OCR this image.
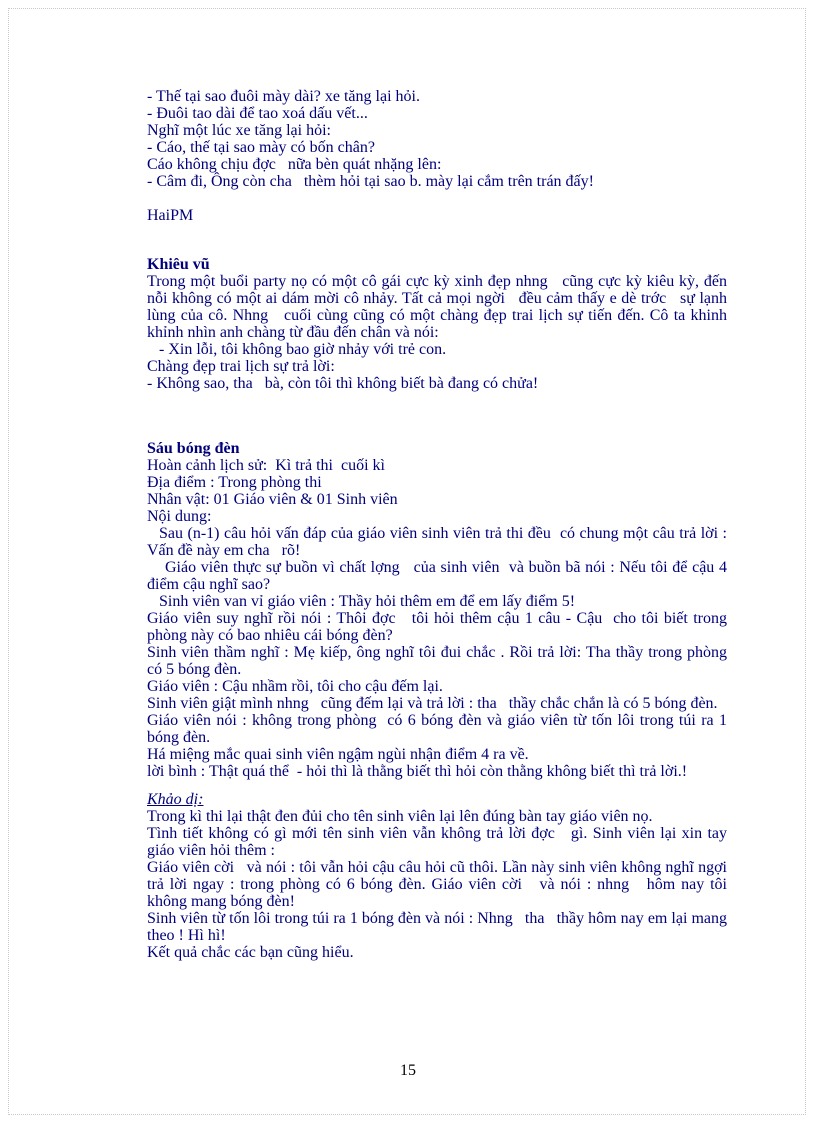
- Thế tại sao đuôi mày dài? xe tăng lại hỏi.

- Đuôi tao dài để tao xoá dấu vết...

Nghĩ một lúc xe tăng lại hỏi:

- Cáo, thế tại sao mày có bốn chân?

Cáo không chịu đợc   nữa bèn quát nhặng lên:

- Câm đi, Ông còn cha   thèm hỏi tại sao b. mày lại cắm trên trán đấy!

HaiPM

Khiêu vũ

Trong một buổi party nọ có một cô gái cực kỳ xinh đẹp nhng   cũng cực kỳ kiêu kỳ, đến nỗi không có một ai dám mời cô nhảy. Tất cả mọi ngời   đều cảm thấy e dè trớc   sự lạnh lùng của cô. Nhng   cuối cùng cũng có một chàng đẹp trai lịch sự tiến đến. Cô ta khinh khỉnh nhìn anh chàng từ đầu đến chân và nói:

- Xin lỗi, tôi không bao giờ nhảy với trẻ con.

Chàng đẹp trai lịch sự trả lời:

- Không sao, tha   bà, còn tôi thì không biết bà đang có chửa!

Sáu bóng đèn

Hoàn cảnh lịch sử:  Kì trả thi  cuối kì

Địa điểm : Trong phòng thi

Nhân vật: 01 Giáo viên & 01 Sinh viên

Nội dung:

Sau (n-1) câu hỏi vấn đáp của giáo viên sinh viên trả thi đều  có chung một câu trả lời :  Vấn đề này em cha   rõ!

Giáo viên thực sự buồn vì chất lợng   của sinh viên  và buồn bã nói : Nếu tôi để cậu 4 điểm cậu nghĩ sao?

Sinh viên van vỉ giáo viên : Thầy hỏi thêm em để em lấy điểm 5!

Giáo viên suy nghĩ rồi nói : Thôi đợc   tôi hỏi thêm cậu 1 câu - Cậu  cho tôi biết trong phòng này có bao nhiêu cái bóng đèn?

Sinh viên thầm nghĩ : Mẹ kiếp, ông nghĩ tôi đui chắc . Rồi trả lời: Tha thầy trong phòng có 5 bóng đèn.

Giáo viên : Cậu nhầm rồi, tôi cho cậu đếm lại.

Sinh viên giật mình nhng   cũng đếm lại và trả lời : tha   thầy chắc chắn là có 5 bóng đèn.

Giáo viên nói : không trong phòng  có 6 bóng đèn và giáo viên từ tốn lôi trong túi ra 1 bóng đèn.

Há miệng mắc quai sinh viên ngậm ngùi nhận điểm 4 ra về.

lời bình : Thật quá thể  - hỏi thì là thằng biết thì hỏi còn thằng không biết thì trả lời.!

Khảo dị:

Trong kì thi lại thật đen đủi cho tên sinh viên lại lên đúng bàn tay giáo viên nọ.

Tình tiết không có gì mới tên sinh viên vẫn không trả lời đợc   gì. Sinh viên lại xin tay giáo viên hỏi thêm :

Giáo viên cời   và nói : tôi vẫn hỏi cậu câu hỏi cũ thôi. Lần này sinh viên không nghĩ ngợi trả lời ngay : trong phòng có 6 bóng đèn. Giáo viên cời   và nói : nhng   hôm nay tôi không mang bóng đèn!

Sinh viên từ tốn lôi trong túi ra 1 bóng đèn và nói : Nhng   tha   thầy hôm nay em lại mang theo ! Hì hì!

Kết quả chắc các bạn cũng hiểu.

15
